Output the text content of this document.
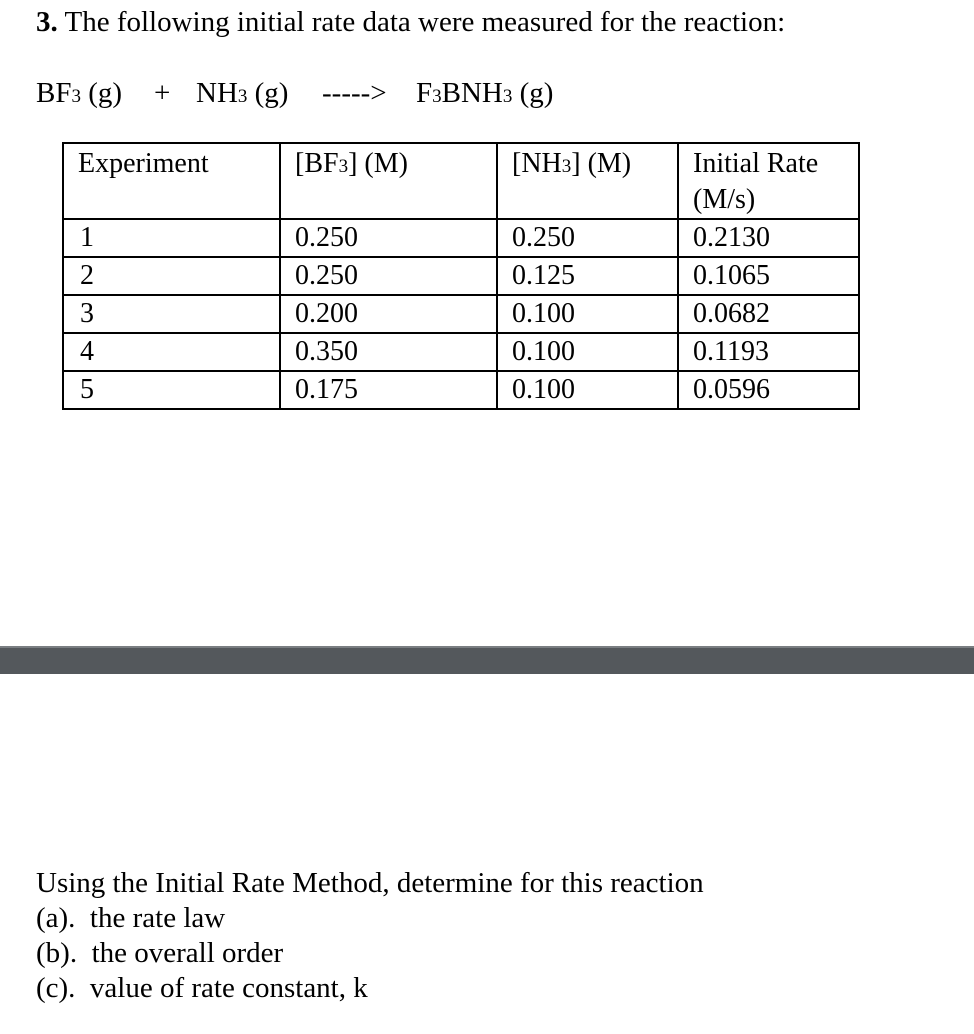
3. The following initial rate data were measured for the reaction:
BF3 (g) + NH3 (g) -----> F3BNH3 (g)
Experiment	[BF3] (M)	[NH3] (M)	Initial Rate
(M/s)
1	0.250	0.250	0.2130
2	0.250	0.125	0.1065
3	0.200	0.100	0.0682
4	0.350	0.100	0.1193
5	0.175	0.100	0.0596
Using the Initial Rate Method, determine for this reaction
(a).  the rate law
(b).  the overall order
(c).  value of rate constant, k
